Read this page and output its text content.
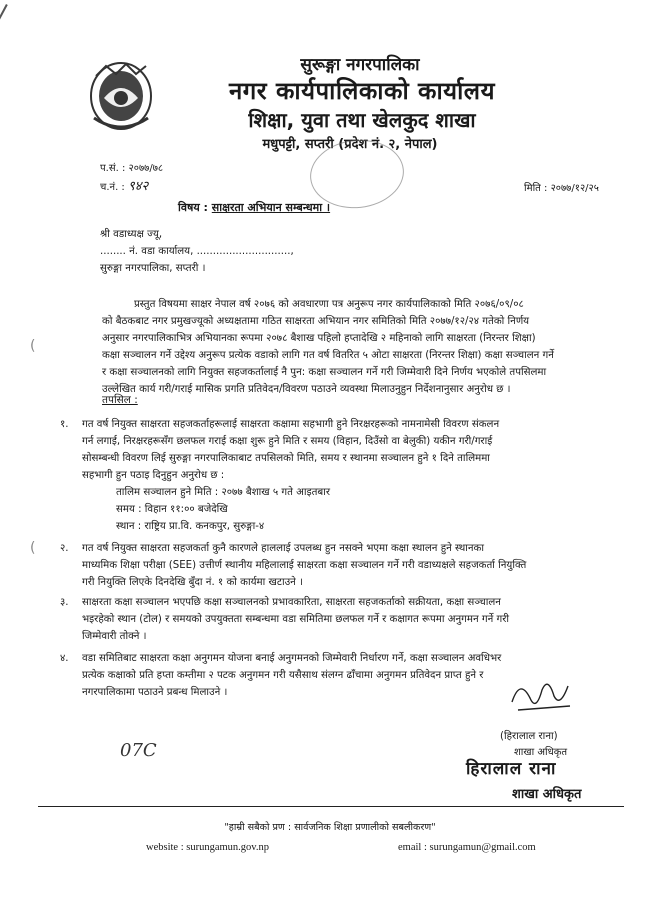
सुरूङ्गा नगरपालिका
नगर कार्यपालिकाको कार्यालय
शिक्षा, युवा तथा खेलकुद शाखा
मधुपट्टी, सप्तरी (प्रदेश नं. २, नेपाल)
प.सं. : २०७७/७८
च.नं. : ९४२	मिति : २०७७/१२/२५
विषय : साक्षरता अभियान सम्बन्धमा ।
श्री वडाध्यक्ष ज्यू,
........ नं. वडा कार्यालय, .............................,
सुरुङ्गा नगरपालिका, सप्तरी ।
प्रस्तुत विषयमा साक्षर नेपाल वर्ष २०७६ को अवधारणा पत्र अनुरूप नगर कार्यपालिकाको मिति २०७६/०९/०८
को बैठकबाट नगर प्रमुखज्यूको अध्यक्षतामा गठित साक्षरता अभियान नगर समितिको मिति २०७७/१२/२४ गतेको निर्णय
अनुसार नगरपालिकाभित्र अभियानका रूपमा २०७८ बैशाख पहिलो हप्तादेखि २ महिनाको लागि साक्षरता (निरन्तर शिक्षा)
कक्षा सञ्चालन गर्ने उद्देश्य अनुरूप प्रत्येक वडाको लागि गत वर्ष वितरित ५ ओटा साक्षरता (निरन्तर शिक्षा) कक्षा सञ्चालन गर्ने
र कक्षा सञ्चालनको लागि नियुक्त सहजकर्तालाई नै पुन: कक्षा सञ्चालन गर्ने गरी जिम्मेवारी दिने निर्णय भएकोले तपसिलमा
उल्लेखित कार्य गरी/गराई मासिक प्रगति प्रतिवेदन/विवरण पठाउने व्यवस्था मिलाउनुहुन निर्देशनानुसार अनुरोध छ ।
(
तपसिल :
१. गत वर्ष नियुक्त साक्षरता सहजकर्ताहरूलाई साक्षरता कक्षामा सहभागी हुने निरक्षरहरूको नामनामेसी विवरण संकलन
गर्न लगाई, निरक्षरहरूसँग छलफल गराई कक्षा शुरू हुने मिति र समय (विहान, दिउँसो वा बेलुकी) यकीन गरी/गराई
सोसम्बन्धी विवरण लिई सुरुङ्गा नगरपालिकाबाट तपसिलको मिति, समय र स्थानमा सञ्चालन हुने १ दिने तालिममा
सहभागी हुन पठाइ दिनुहुन अनुरोध छ :
तालिम सञ्चालन हुने मिति : २०७७ बैशाख ५ गते आइतबार
समय : विहान ११:०० बजेदेखि
स्थान : राष्ट्रिय प्रा.वि. कनकपुर, सुरुङ्गा-४
( २. गत वर्ष नियुक्त साक्षरता सहजकर्ता कुनै कारणले हाललाई उपलब्ध हुन नसक्ने भएमा कक्षा स्थालन हुने स्थानका
माध्यमिक शिक्षा परीक्षा (SEE) उत्तीर्ण स्थानीय महिलालाई साक्षरता कक्षा सञ्चालन गर्ने गरी वडाध्यक्षले सहजकर्ता नियुक्ति
गरी नियुक्ति लिएके दिनदेखि बुँदा नं. १ को कार्यमा खटाउने ।
३. साक्षरता कक्षा सञ्चालन भएपछि कक्षा सञ्चालनको प्रभावकारिता, साक्षरता सहजकर्ताको सक्रीयता, कक्षा सञ्चालन
भइरहेको स्थान (टोल) र समयको उपयुक्तता सम्बन्धमा वडा समितिमा छलफल गर्ने र कक्षागत रूपमा अनुगमन गर्ने गरी
जिम्मेवारी तोक्ने ।
४. वडा समितिबाट साक्षरता कक्षा अनुगमन योजना बनाई अनुगमनको जिम्मेवारी निर्धारण गर्ने, कक्षा सञ्चालन अवधिभर
प्रत्येक कक्षाको प्रति हप्ता कम्तीमा २ पटक अनुगमन गरी यसैसाथ संलग्न ढाँचामा अनुगमन प्रतिवेदन प्राप्त हुने र
नगरपालिकामा पठाउने प्रबन्ध मिलाउने ।
(हिरालाल राना)
शाखा अधिकृत
हिरालाल राना
शाखा अधिकृत
07C
"हाम्री सबैको प्रण : सार्वजनिक शिक्षा प्रणालीको सबलीकरण"
website : surungamun.gov.np	email : surungamun@gmail.com
